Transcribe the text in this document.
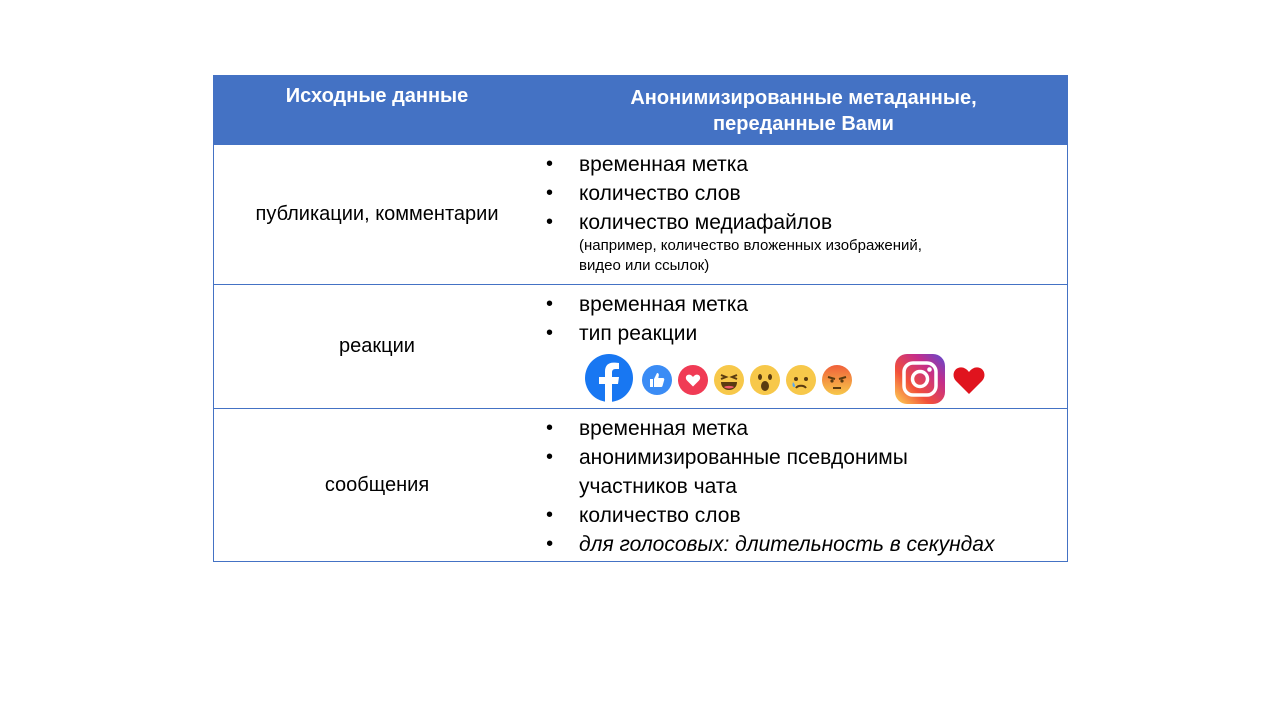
Исходные данные	Анонимизированные метаданные,
переданные Вами
публикации, комментарии
• временная метка
• количество слов
• количество медиафайлов
(например, количество вложенных изображений,
видео или ссылок)
реакции
• временная метка
• тип реакции
сообщения
• временная метка
• анонимизированные псевдонимы
участников чата
• количество слов
• для голосовых: длительность в секундах
